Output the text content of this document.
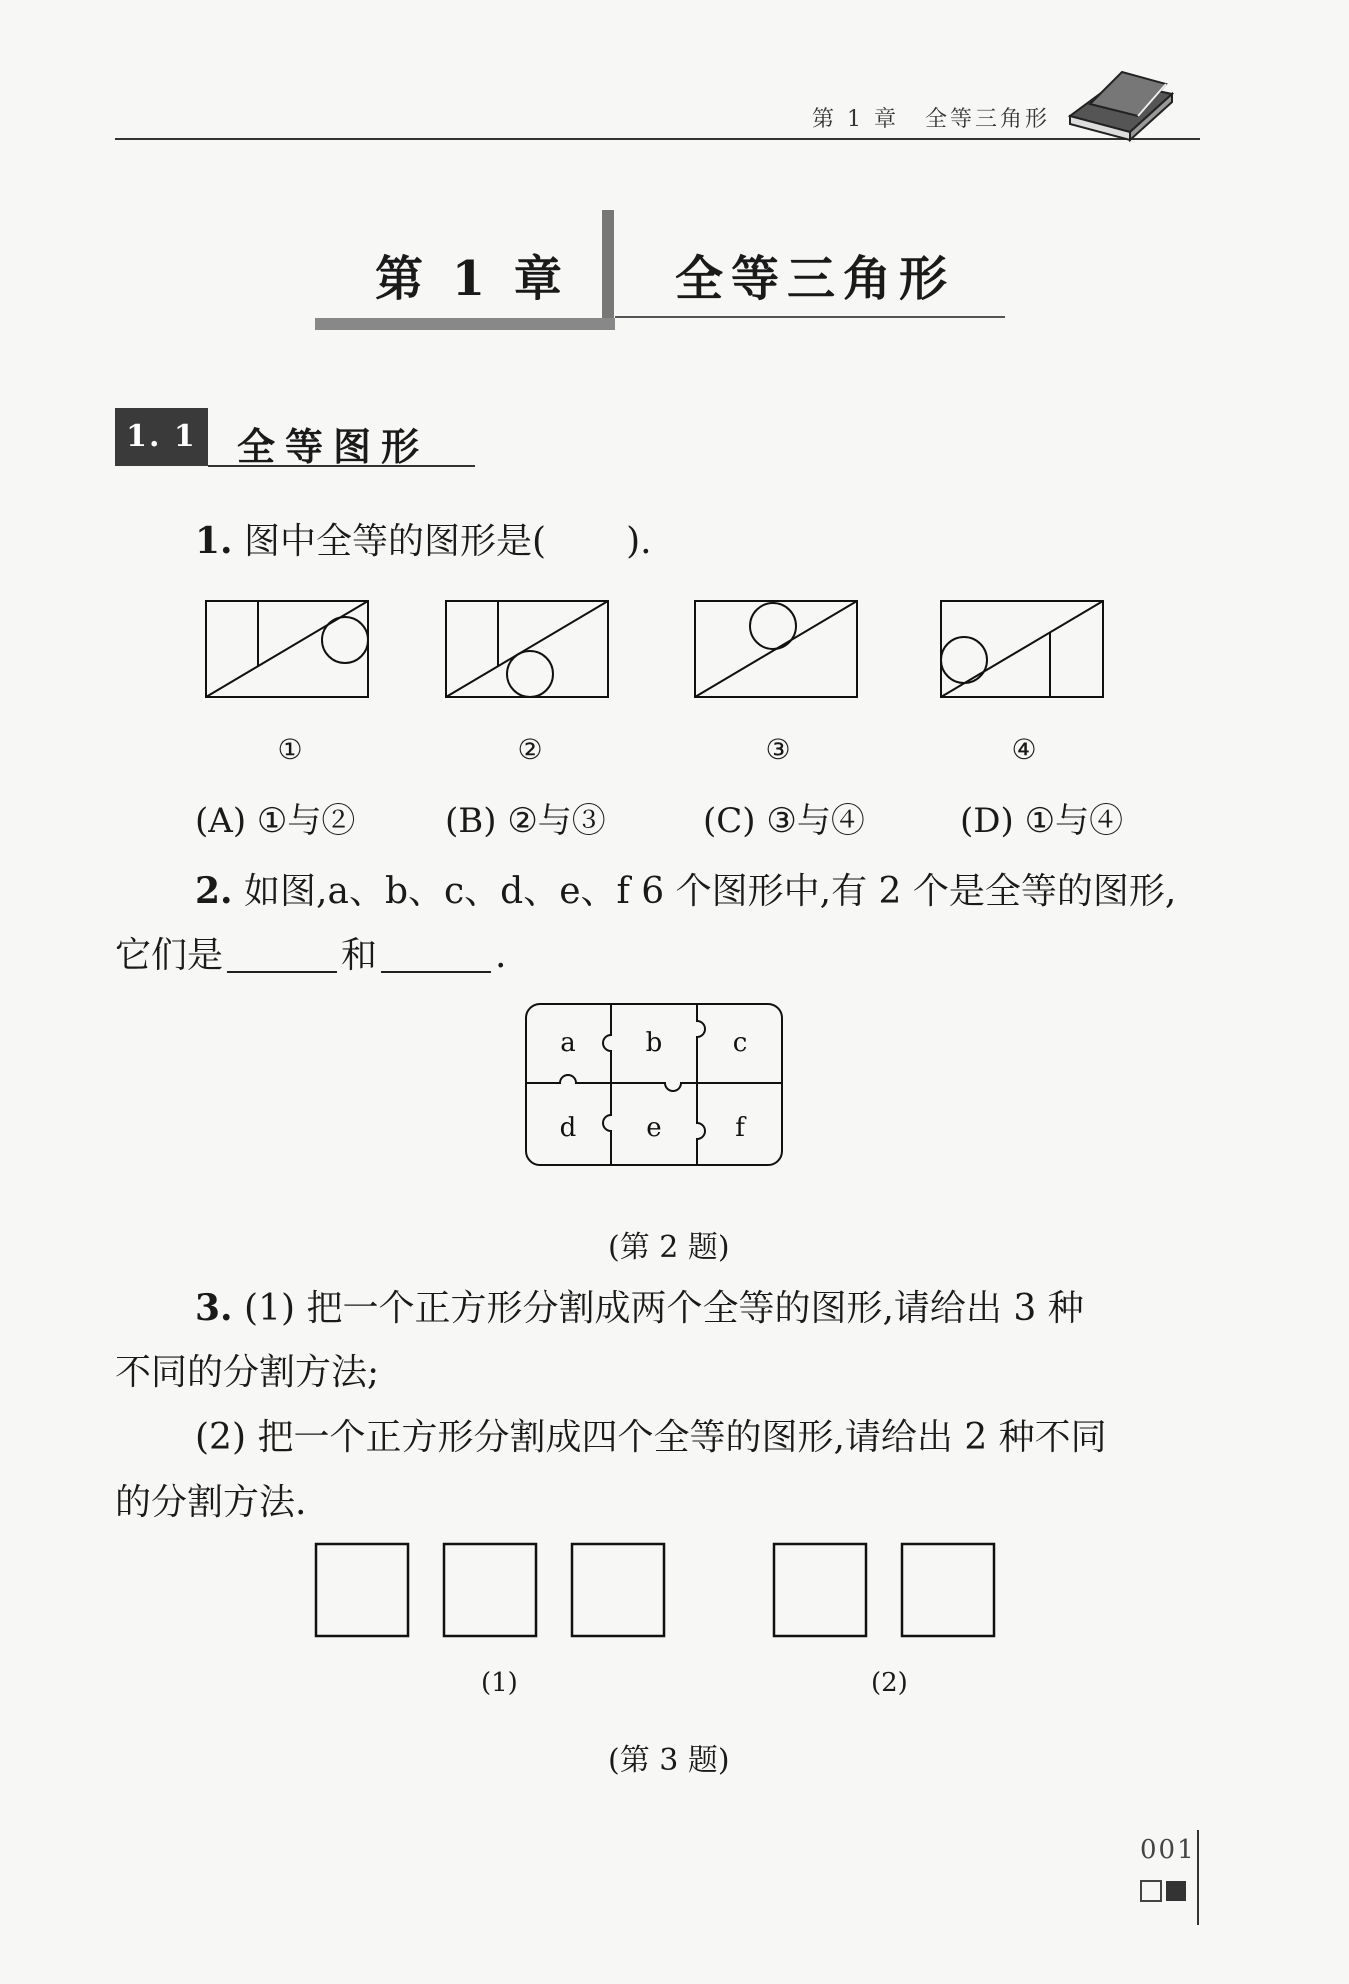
第 1 章 全等三角形
第 1 章 全等三角形
1. 1 全等图形
1. 图中全等的图形是( ).
①	②	③	④
(A) ①与②	(B) ②与③	(C) ③与④	(D) ①与④
2. 如图,a、b、c、d、e、f 6 个图形中,有 2 个是全等的图形,
它们是	和	.
a	b	c
d	e	f
(第 2 题)
3. (1) 把一个正方形分割成两个全等的图形,请给出 3 种
不同的分割方法;
(2) 把一个正方形分割成四个全等的图形,请给出 2 种不同
的分割方法.
(1)	(2)
(第 3 题)
001
